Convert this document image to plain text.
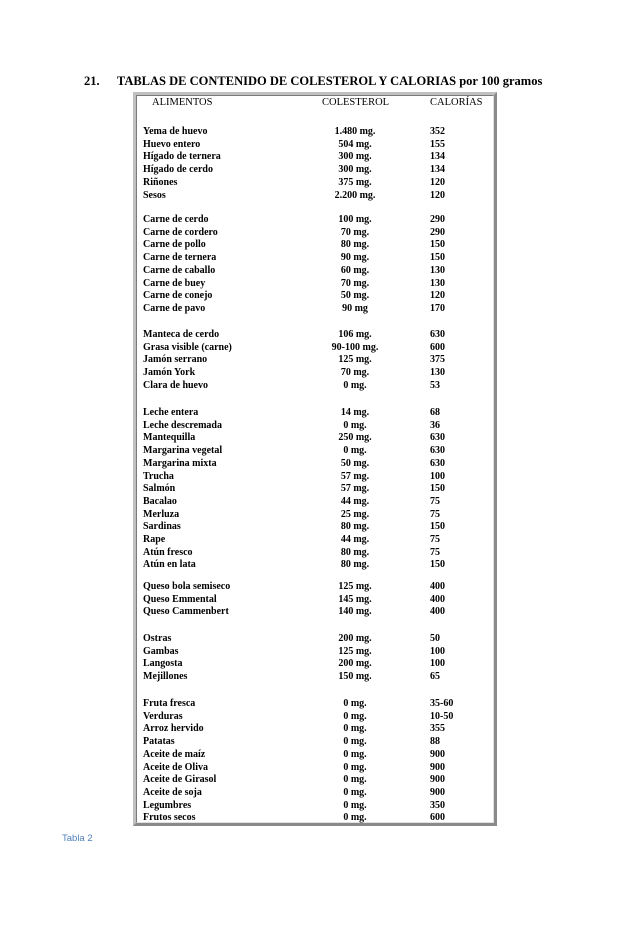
21. TABLAS DE CONTENIDO DE COLESTEROL Y CALORIAS por 100 gramos
ALIMENTOS	COLESTEROL	CALORÍAS
Yema de huevo	1.480 mg.	352
Huevo entero	504 mg.	155
Hígado de ternera	300 mg.	134
Hígado de cerdo	300 mg.	134
Riñones	375 mg.	120
Sesos	2.200 mg.	120
Carne de cerdo	100 mg.	290
Carne de cordero	70 mg.	290
Carne de pollo	80 mg.	150
Carne de ternera	90 mg.	150
Carne de caballo	60 mg.	130
Carne de buey	70 mg.	130
Carne de conejo	50 mg.	120
Carne de pavo	90 mg	170
Manteca de cerdo	106 mg.	630
Grasa visible (carne)	90-100 mg.	600
Jamón serrano	125 mg.	375
Jamón York	70 mg.	130
Clara de huevo	0 mg.	53
Leche entera	14 mg.	68
Leche descremada	0 mg.	36
Mantequilla	250 mg.	630
Margarina vegetal	0 mg.	630
Margarina mixta	50 mg.	630
Trucha	57 mg.	100
Salmón	57 mg.	150
Bacalao	44 mg.	75
Merluza	25 mg.	75
Sardinas	80 mg.	150
Rape	44 mg.	75
Atún fresco	80 mg.	75
Atún en lata	80 mg.	150
Queso bola semiseco	125 mg.	400
Queso Emmental	145 mg.	400
Queso Cammenbert	140 mg.	400
Ostras	200 mg.	50
Gambas	125 mg.	100
Langosta	200 mg.	100
Mejillones	150 mg.	65
Fruta fresca	0 mg.	35-60
Verduras	0 mg.	10-50
Arroz hervido	0 mg.	355
Patatas	0 mg.	88
Aceite de maíz	0 mg.	900
Aceite de Oliva	0 mg.	900
Aceite de Girasol	0 mg.	900
Aceite de soja	0 mg.	900
Legumbres	0 mg.	350
Frutos secos	0 mg.	600
Tabla 2
